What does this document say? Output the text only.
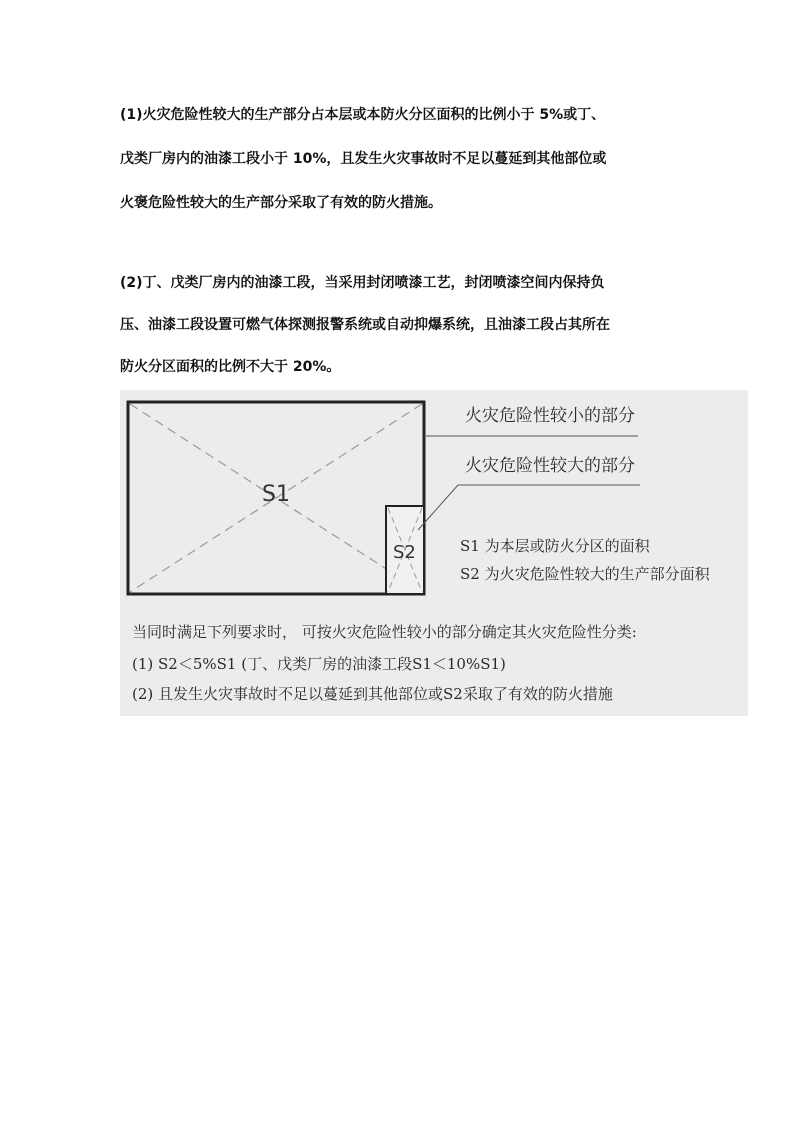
(1)火灾危险性较大的生产部分占本层或本防火分区面积的比例小于 5%或丁、
戊类厂房内的油漆工段小于 10%，且发生火灾事故时不足以蔓延到其他部位或
火褒危险性较大的生产部分采取了有效的防火措施。
(2)丁、戊类厂房内的油漆工段，当采用封闭喷漆工艺，封闭喷漆空间内保持负
压、油漆工段设置可燃气体探测报警系统或自动抑爆系统，且油漆工段占其所在
防火分区面积的比例不大于 20%。
S1
S2
火灾危险性较小的部分
火灾危险性较大的部分
S1 为本层或防火分区的面积
S2 为火灾危险性较大的生产部分面积
当同时满足下列要求时， 可按火灾危险性较小的部分确定其火灾危险性分类:
(1) S2＜5%S1 (丁、戊类厂房的油漆工段S1＜10%S1)
(2) 且发生火灾事故时不足以蔓延到其他部位或S2采取了有效的防火措施
